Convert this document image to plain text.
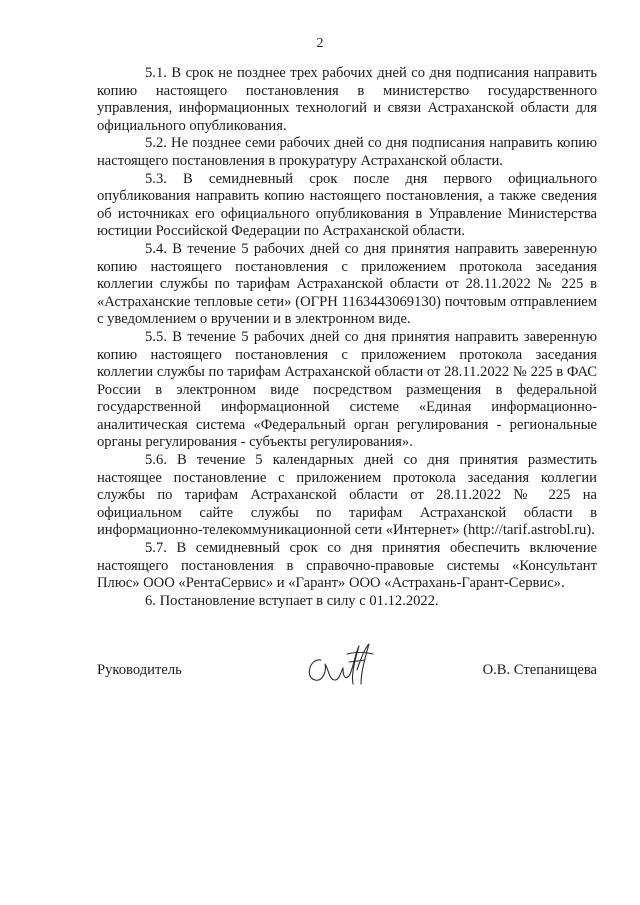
2

5.1. В срок не позднее трех рабочих дней со дня подписания направить копию настоящего постановления в министерство государственного управления, информационных технологий и связи Астраханской области для официального опубликования.

5.2. Не позднее семи рабочих дней со дня подписания направить копию настоящего постановления в прокуратуру Астраханской области.

5.3. В семидневный срок после дня первого официального опубликования направить копию настоящего постановления, а также сведения об источниках его официального опубликования в Управление Министерства юстиции Российской Федерации по Астраханской области.

5.4. В течение 5 рабочих дней со дня принятия направить заверенную копию настоящего постановления с приложением протокола заседания коллегии службы по тарифам Астраханской области от 28.11.2022 № 225 в «Астраханские тепловые сети» (ОГРН 1163443069130) почтовым отправлением с уведомлением о вручении и в электронном виде.

5.5. В течение 5 рабочих дней со дня принятия направить заверенную копию настоящего постановления с приложением протокола заседания коллегии службы по тарифам Астраханской области от 28.11.2022 № 225 в ФАС России в электронном виде посредством размещения в федеральной государственной информационной системе «Единая информационно-аналитическая система «Федеральный орган регулирования - региональные органы регулирования - субъекты регулирования».

5.6. В течение 5 календарных дней со дня принятия разместить настоящее постановление с приложением протокола заседания коллегии службы по тарифам Астраханской области от 28.11.2022 № 225 на официальном сайте службы по тарифам Астраханской области в информационно-телекоммуникационной сети «Интернет» (http://tarif.astrobl.ru).

5.7. В семидневный срок со дня принятия обеспечить включение настоящего постановления в справочно-правовые системы «Консультант Плюс» ООО «РентаСервис» и «Гарант» ООО «Астрахань-Гарант-Сервис».

6. Постановление вступает в силу с 01.12.2022.

Руководитель	О.В. Степанищева
